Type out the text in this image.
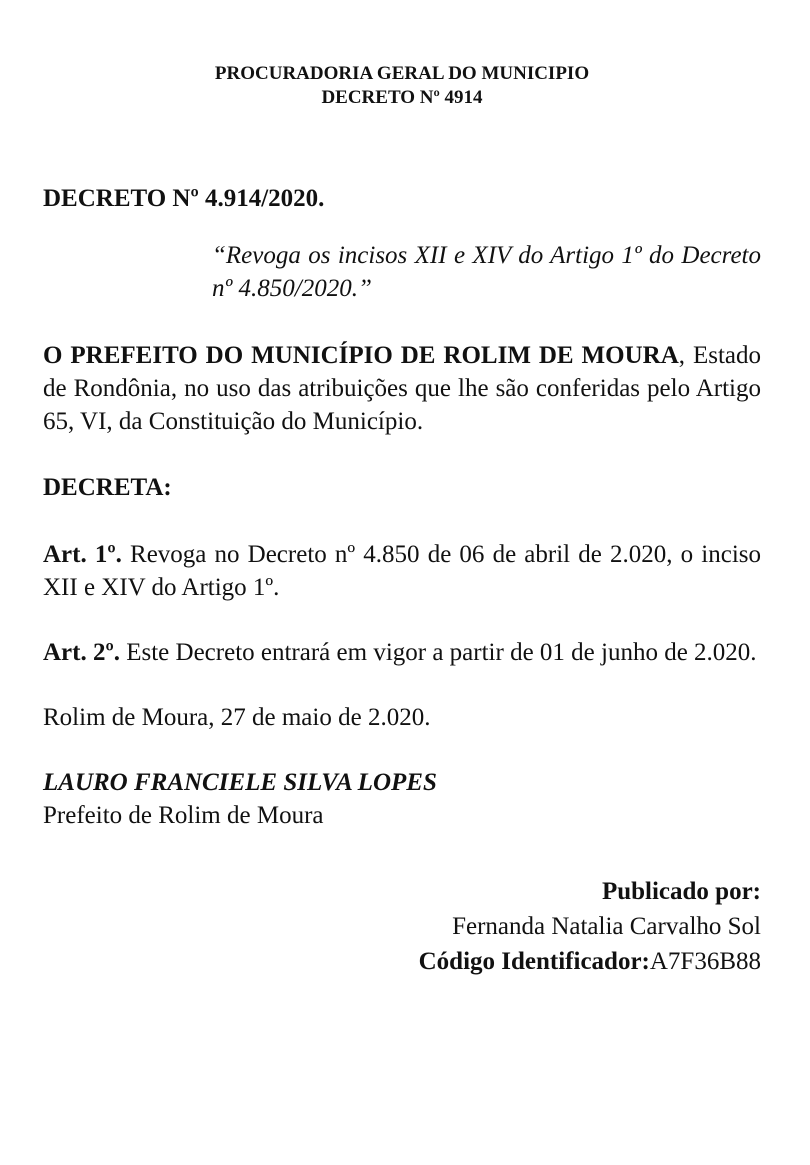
PROCURADORIA GERAL DO MUNICIPIO
DECRETO Nº 4914
DECRETO Nº 4.914/2020.
“Revoga os incisos XII e XIV do Artigo 1º do Decreto nº 4.850/2020.”
O PREFEITO DO MUNICÍPIO DE ROLIM DE MOURA, Estado de Rondônia, no uso das atribuições que lhe são conferidas pelo Artigo 65, VI, da Constituição do Município.
DECRETA:
Art. 1º. Revoga no Decreto nº 4.850 de 06 de abril de 2.020, o inciso XII e XIV do Artigo 1º.
Art. 2º. Este Decreto entrará em vigor a partir de 01 de junho de 2.020.
Rolim de Moura, 27 de maio de 2.020.
LAURO FRANCIELE SILVA LOPES
Prefeito de Rolim de Moura
Publicado por:
Fernanda Natalia Carvalho Sol
Código Identificador:A7F36B88
